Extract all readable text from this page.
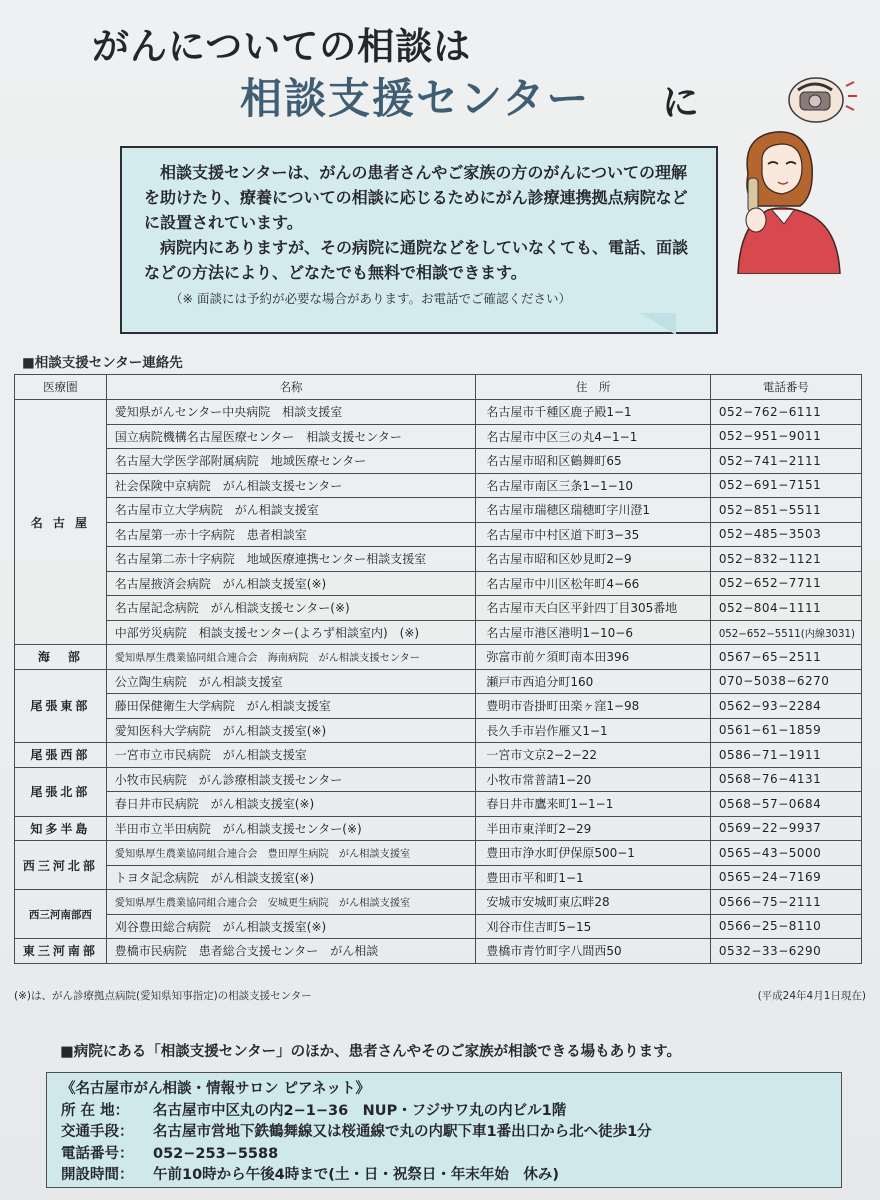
がんについての相談は
相談支援センター に
相談支援センターは、がんの患者さんやご家族の方のがんについての理解を助けたり、療養についての相談に応じるためにがん診療連携拠点病院などに設置されています。
病院内にありますが、その病院に通院などをしていなくても、電話、面談などの方法により、どなたでも無料で相談できます。
（※ 面談には予約が必要な場合があります。お電話でご確認ください）
■相談支援センター連絡先
医療圏	名称	住　所	電話番号
名 古 屋	愛知県がんセンター中央病院　相談支援室	名古屋市千種区鹿子殿1−1	052−762−6111
	国立病院機構名古屋医療センター　相談支援センター	名古屋市中区三の丸4−1−1	052−951−9011
	名古屋大学医学部附属病院　地域医療センター	名古屋市昭和区鶴舞町65	052−741−2111
	社会保険中京病院　がん相談支援センター	名古屋市南区三条1−1−10	052−691−7151
	名古屋市立大学病院　がん相談支援室	名古屋市瑞穂区瑞穂町字川澄1	052−851−5511
	名古屋第一赤十字病院　患者相談室	名古屋市中村区道下町3−35	052−485−3503
	名古屋第二赤十字病院　地域医療連携センター相談支援室	名古屋市昭和区妙見町2−9	052−832−1121
	名古屋掖済会病院　がん相談支援室(※)	名古屋市中川区松年町4−66	052−652−7711
	名古屋記念病院　がん相談支援センター(※)	名古屋市天白区平針四丁目305番地	052−804−1111
	中部労災病院　相談支援センター(よろず相談室内)　(※)	名古屋市港区港明1−10−6	052−652−5511(内線3031)
海　部	愛知県厚生農業協同組合連合会　海南病院　がん相談支援センター	弥富市前ケ須町南本田396	0567−65−2511
尾張東部	公立陶生病院　がん相談支援室	瀬戸市西追分町160	070−5038−6270
	藤田保健衛生大学病院　がん相談支援室	豊明市沓掛町田楽ヶ窪1−98	0562−93−2284
	愛知医科大学病院　がん相談支援室(※)	長久手市岩作雁又1−1	0561−61−1859
尾張西部	一宮市立市民病院　がん相談支援室	一宮市文京2−2−22	0586−71−1911
尾張北部	小牧市民病院　がん診療相談支援センター	小牧市常普請1−20	0568−76−4131
	春日井市民病院　がん相談支援室(※)	春日井市鷹来町1−1−1	0568−57−0684
知多半島	半田市立半田病院　がん相談支援センター(※)	半田市東洋町2−29	0569−22−9937
西三河北部	愛知県厚生農業協同組合連合会　豊田厚生病院　がん相談支援室	豊田市浄水町伊保原500−1	0565−43−5000
	トヨタ記念病院　がん相談支援室(※)	豊田市平和町1−1	0565−24−7169
西三河南部西	愛知県厚生農業協同組合連合会　安城更生病院　がん相談支援室	安城市安城町東広畔28	0566−75−2111
	刈谷豊田総合病院　がん相談支援室(※)	刈谷市住吉町5−15	0566−25−8110
東三河南部	豊橋市民病院　患者総合支援センター　がん相談	豊橋市青竹町字八間西50	0532−33−6290
(※)は、がん診療拠点病院(愛知県知事指定)の相談支援センター	(平成24年4月1日現在)
■病院にある「相談支援センター」のほか、患者さんやそのご家族が相談できる場もあります。
《名古屋市がん相談・情報サロン ピアネット》
所 在 地：	名古屋市中区丸の内2−1−36　NUP・フジサワ丸の内ビル1階
交通手段：	名古屋市営地下鉄鶴舞線又は桜通線で丸の内駅下車1番出口から北へ徒歩1分
電話番号：	052−253−5588
開設時間：	午前10時から午後4時まで(土・日・祝祭日・年末年始　休み)
